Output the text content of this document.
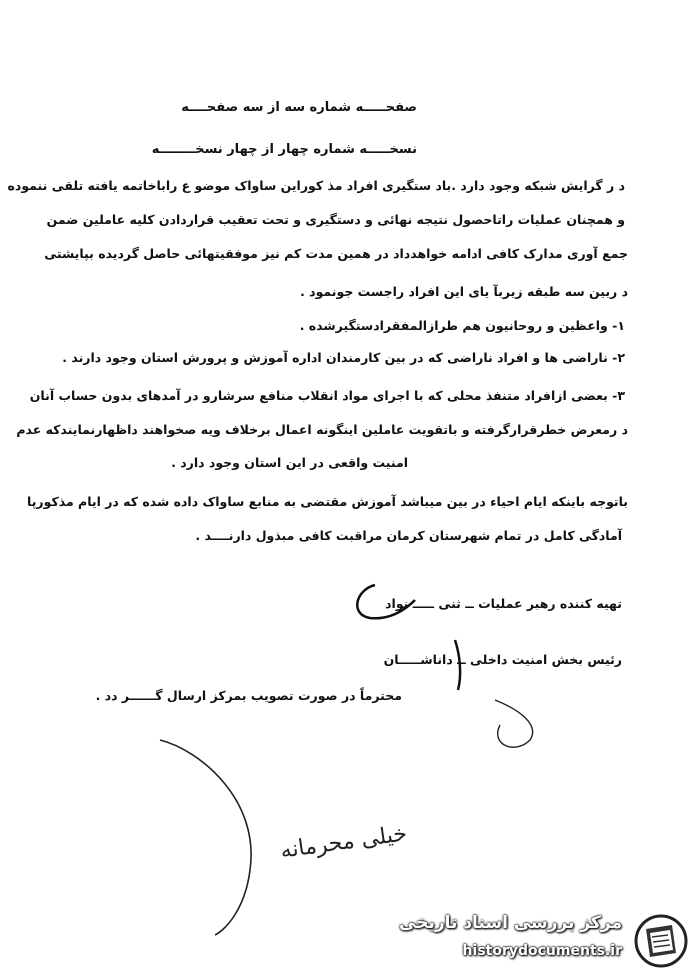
صفحـــــه شماره سه از سه صفحــــه
نسخـــــه شماره چهار از چهار نسخــــــــه
د ر گرایش شبکه وجود دارد .باد ستگیری افراد مذ کوراین ساواک موضو ع راباخاتمه یافته تلقی ننموده
و همچنان عملیات راتاحصول نتیجه نهائی و دستگیری و تحت تعقیب قراردادن کلیه عاملین ضمن
جمع آوری مدارک کافی ادامه خواهدداد در همین مدت کم نیز موفقیتهائی حاصل گردیده بپایشتی
د ربین سه طبقه زیربآ یای این افراد راجست جونمود .
۱- واعظین و روحانیون هم طرازالمفقرادستگیرشده .
۲- ناراضی ها و افراد ناراضی که در بین کارمندان اداره آموزش و پرورش استان وجود دارند .
۳- بعضی ازافراد متنفذ محلی که با اجرای مواد انقلاب منافع سرشارو در آمدهای بدون حساب آنان
د رمعرض خطرقرارگرفته و باتقویت عاملین اینگونه اعمال برخلاف ویه صخواهند داظهارنمایندکه عدم
امنیت واقعی در این استان وجود دارد .
باتوجه باینکه ایام احیاء در بین میباشد آموزش مقتضی به منابع ساواک داده شده که در ایام مذکورپا
آمادگی کامل در تمام شهرستان کرمان مراقبت کافی مبذول دارنــــد .
تهیه کننده رهبر عملیات ــ ثنی ـــــ نواد
رئیس بخش امنیت داخلی ــ داناشـــــان
محترماً در صورت تصویب بمرکز ارسال گــــــر دد .
خیلی محرمانه
مرکز بررسی اسناد تاریخی
historydocuments.ir
